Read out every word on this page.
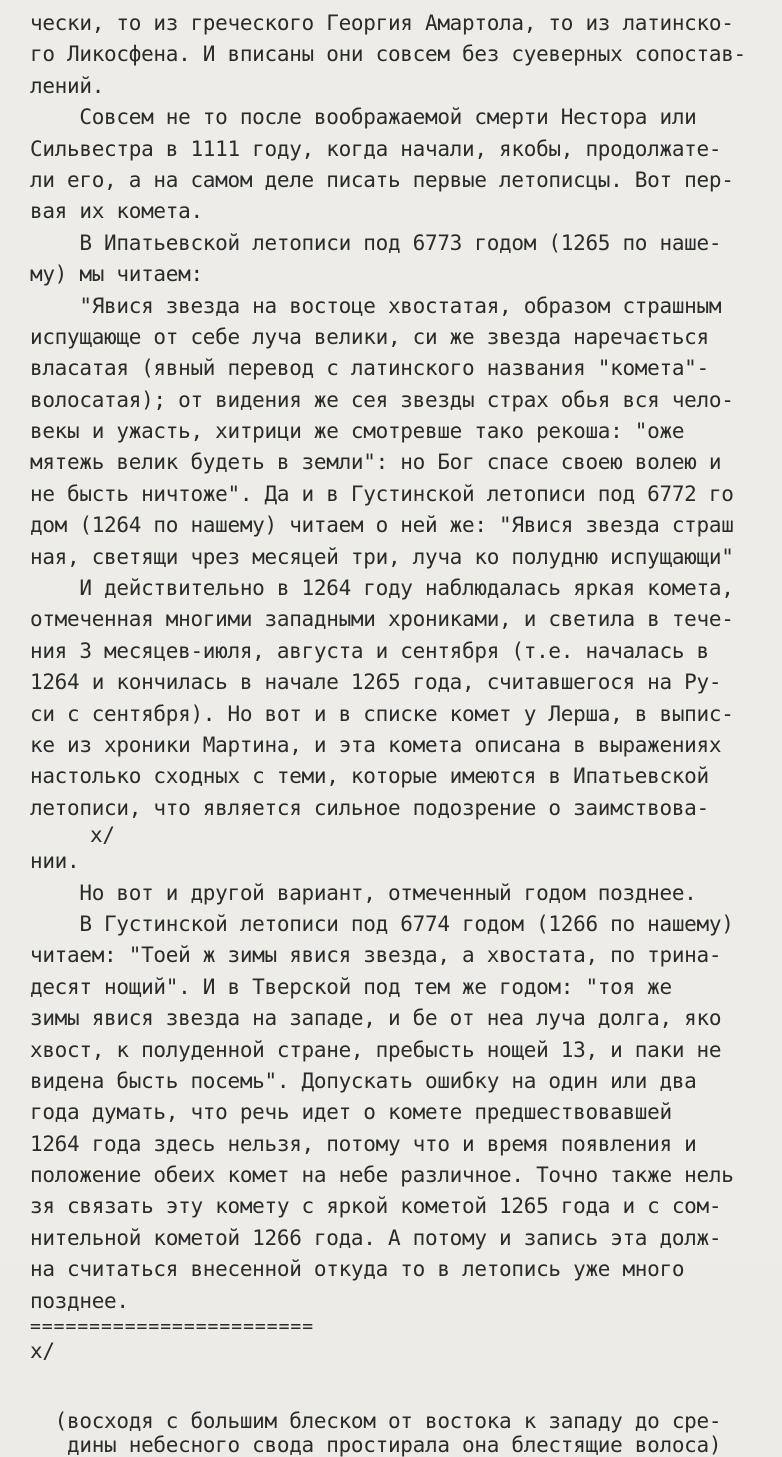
чески, то из греческого Георгия Амартола, то из латинско-
го Ликосфена. И вписаны они совсем без суеверных сопостав-
лений.
Совсем не то после воображаемой смерти Нестора или
Сильвестра в 1111 году, когда начали, якобы, продолжате-
ли его, а на самом деле писать первые летописцы. Вот пер-
вая их комета.
В Ипатьевской летописи под 6773 годом (1265 по наше-
му) мы читаем:
"Явися звезда на востоце хвостатая, образом страшным
испущающе от себе луча велики, си же звезда наречається
власатая (явный перевод с латинского названия "комета"-
волосатая); от видения же сея звезды страх обья вся чело-
векы и ужасть, хитрици же смотревше тако рекоша: "оже
мятежь велик будеть в земли": но Бог спасе своею волею и
не бысть ничтоже". Да и в Густинской летописи под 6772 го
дом (1264 по нашему) читаем о ней же: "Явися звезда страш
ная, светящи чрез месяцей три, луча ко полудню испущающи"
И действительно в 1264 году наблюдалась яркая комета,
отмеченная многими западными хрониками, и светила в тече-
ния 3 месяцев-июля, августа и сентября (т.е. началась в
1264 и кончилась в начале 1265 года, считавшегося на Ру-
си с сентября). Но вот и в списке комет у Лерша, в выпис-
ке из хроники Мартина, и эта комета описана в выражениях
настолько сходных с теми, которые имеются в Ипатьевской
летописи, что является сильное подозрение о заимствова-
x/
нии.
Но вот и другой вариант, отмеченный годом позднее.
В Густинской летописи под 6774 годом (1266 по нашему)
читаем: "Тоей ж зимы явися звезда, а хвостата, по трина-
десят нощий". И в Тверской под тем же годом: "тоя же
зимы явися звезда на западе, и бе от неа луча долга, яко
хвост, к полуденной стране, пребысть нощей 13, и паки не
видена бысть посемь". Допускать ошибку на один или два
года думать, что речь идет о комете предшествовавшей
1264 года здесь нельзя, потому что и время появления и
положение обеих комет на небе различное. Точно также нель
зя связать эту комету с яркой кометой 1265 года и с сом-
нительной кометой 1266 года. А потому и запись эта долж-
на считаться внесенной откуда то в летопись уже много
позднее.
========================
x/
(восходя с большим блеском от востока к западу до сре-
дины небесного свода простирала она блестящие волоса)
